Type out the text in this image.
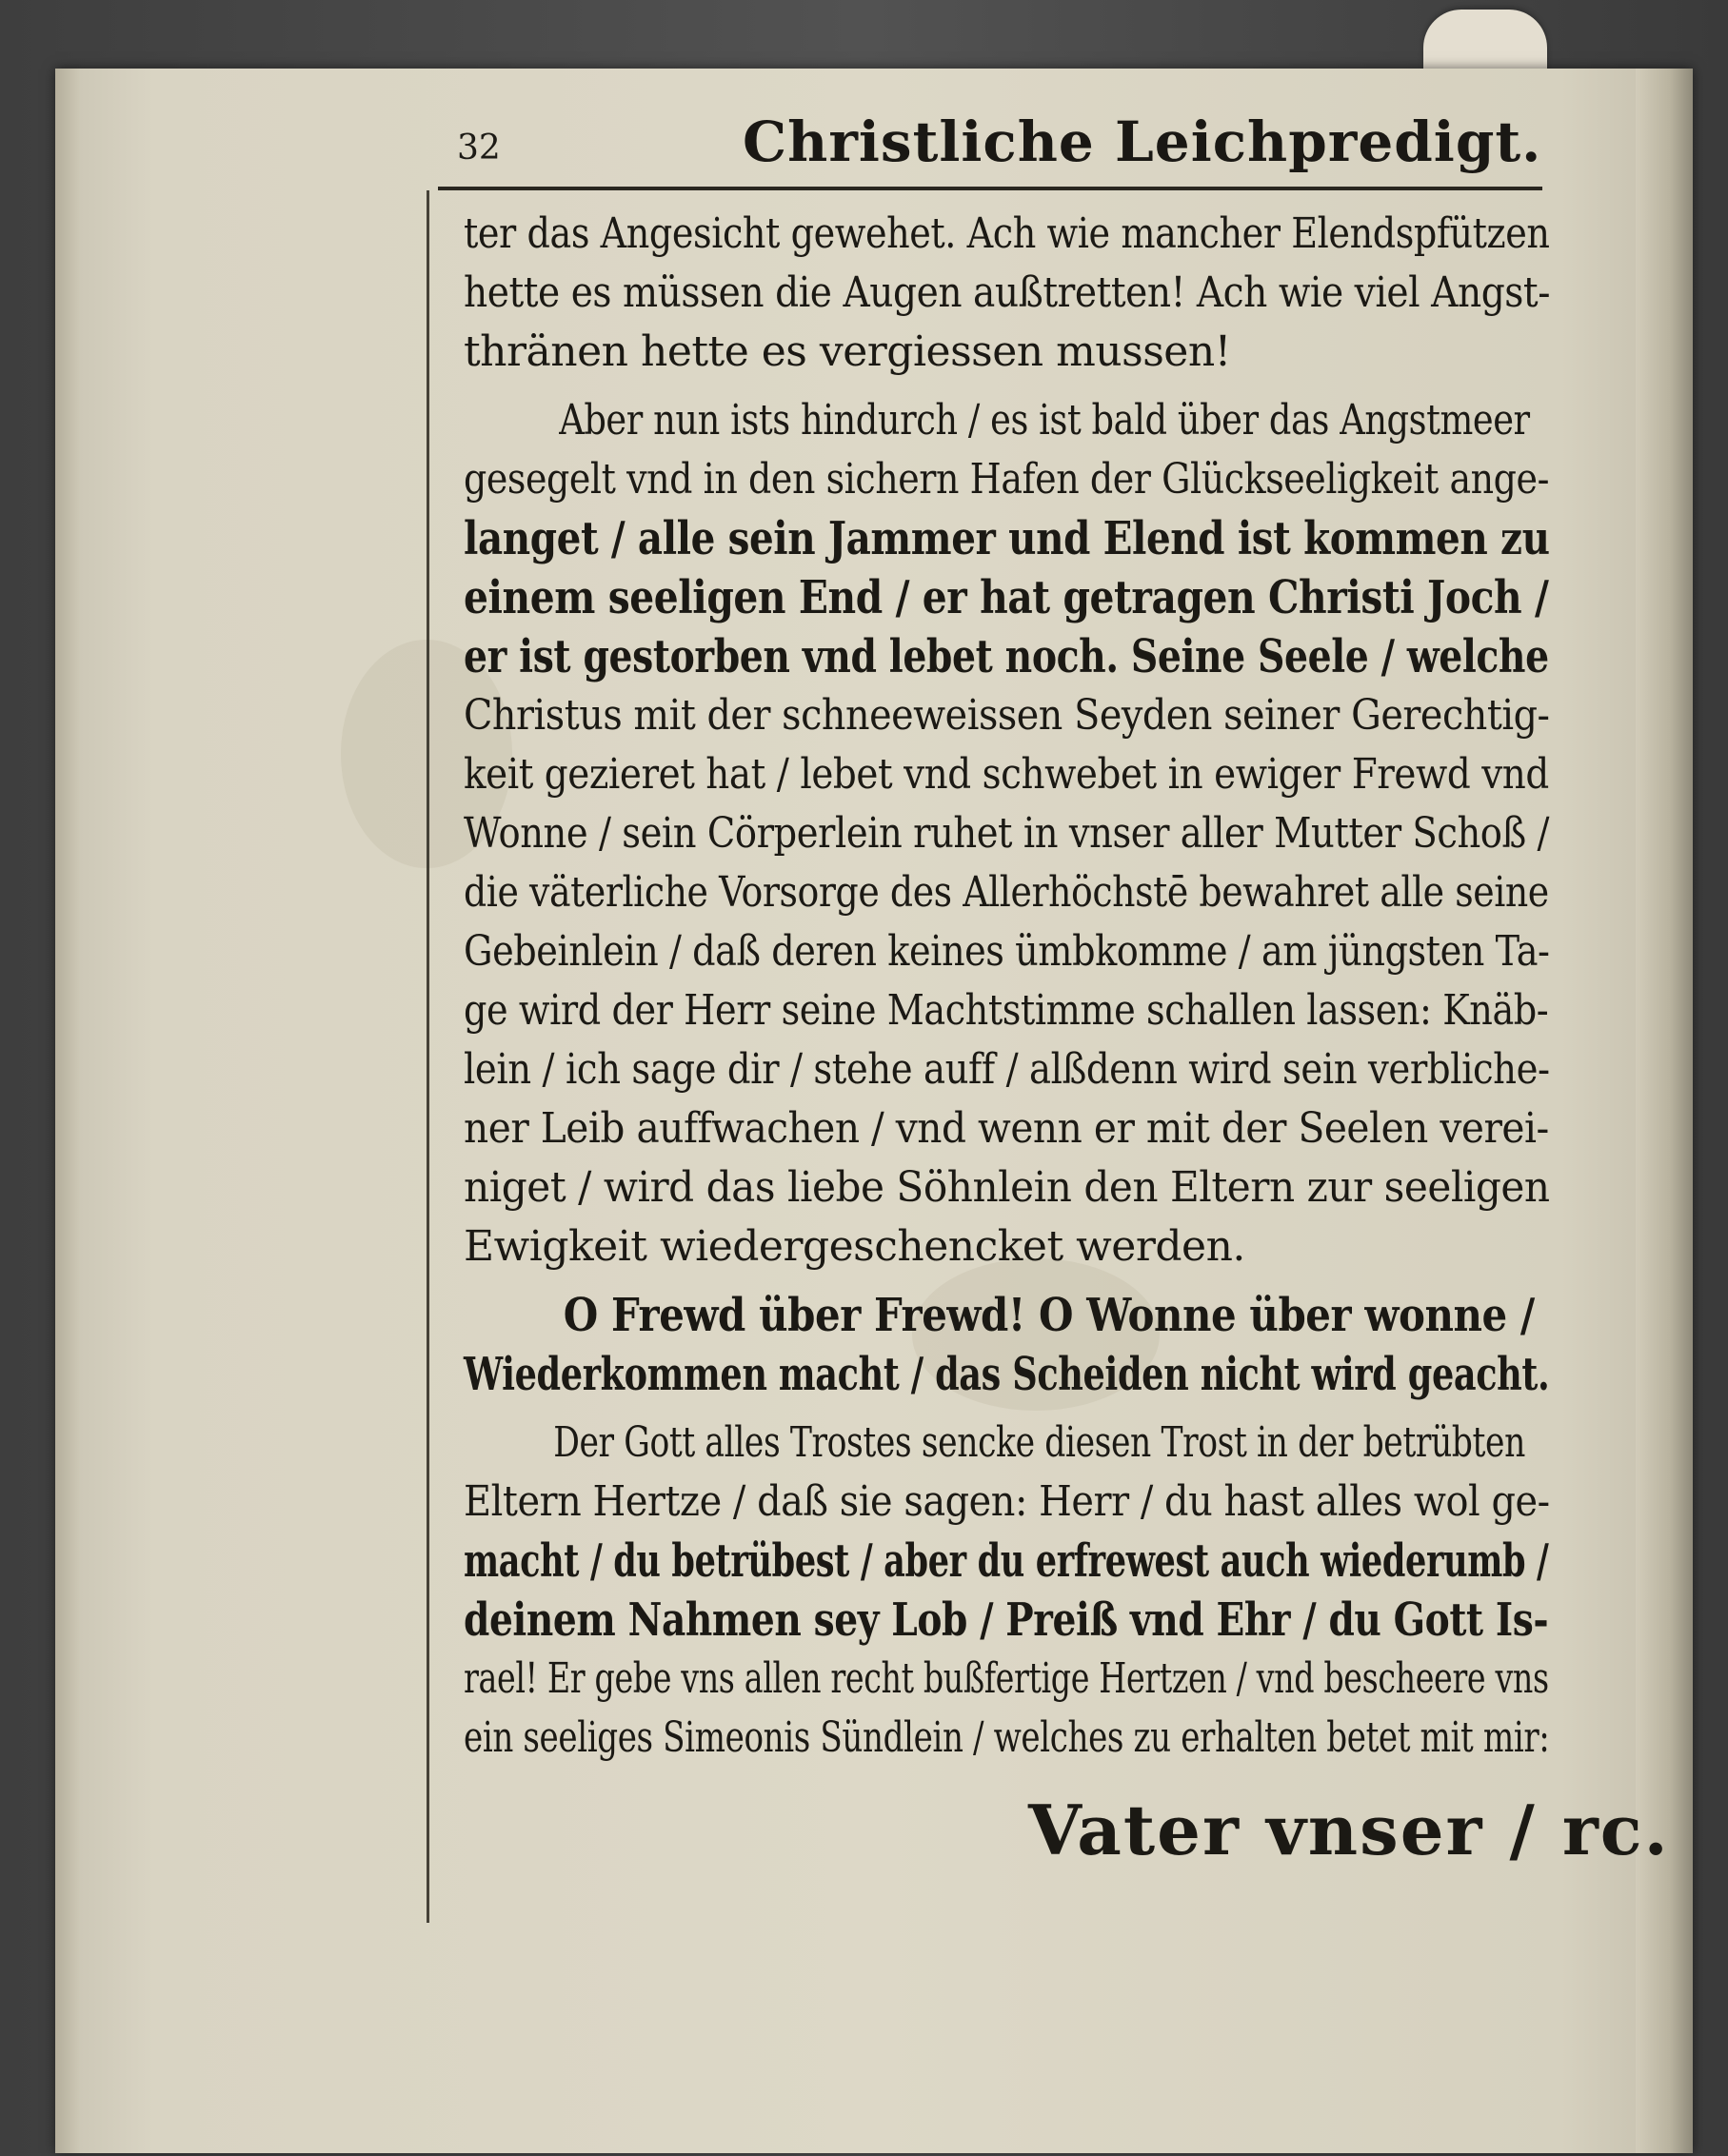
32	Christliche Leichpredigt.
ter das Angesicht gewehet. Ach wie mancher Elendspfützen
hette es müssen die Augen außtretten! Ach wie viel Angst-
thränen hette es vergiessen mussen!
Aber nun ists hindurch / es ist bald über das Angstmeer
gesegelt vnd in den sichern Hafen der Glückseeligkeit ange-
langet / alle sein Jammer und Elend ist kommen zu
einem seeligen End / er hat getragen Christi Joch /
er ist gestorben vnd lebet noch. Seine Seele / welche
Christus mit der schneeweissen Seyden seiner Gerechtig-
keit gezieret hat / lebet vnd schwebet in ewiger Frewd vnd
Wonne / sein Cörperlein ruhet in vnser aller Mutter Schoß /
die väterliche Vorsorge des Allerhöchstē bewahret alle seine
Gebeinlein / daß deren keines ümbkomme / am jüngsten Ta-
ge wird der Herr seine Machtstimme schallen lassen: Knäb-
lein / ich sage dir / stehe auff / alßdenn wird sein verbliche-
ner Leib auffwachen / vnd wenn er mit der Seelen verei-
niget / wird das liebe Söhnlein den Eltern zur seeligen
Ewigkeit wiedergeschencket werden.
O Frewd über Frewd! O Wonne über wonne /
Wiederkommen macht / das Scheiden nicht wird geacht.
Der Gott alles Trostes sencke diesen Trost in der betrübten
Eltern Hertze / daß sie sagen: Herr / du hast alles wol ge-
macht / du betrübest / aber du erfrewest auch wiederumb /
deinem Nahmen sey Lob / Preiß vnd Ehr / du Gott Is-
rael! Er gebe vns allen recht bußfertige Hertzen / vnd bescheere vns
ein seeliges Simeonis Sündlein / welches zu erhalten betet mit mir:
Vater vnser / rc.
